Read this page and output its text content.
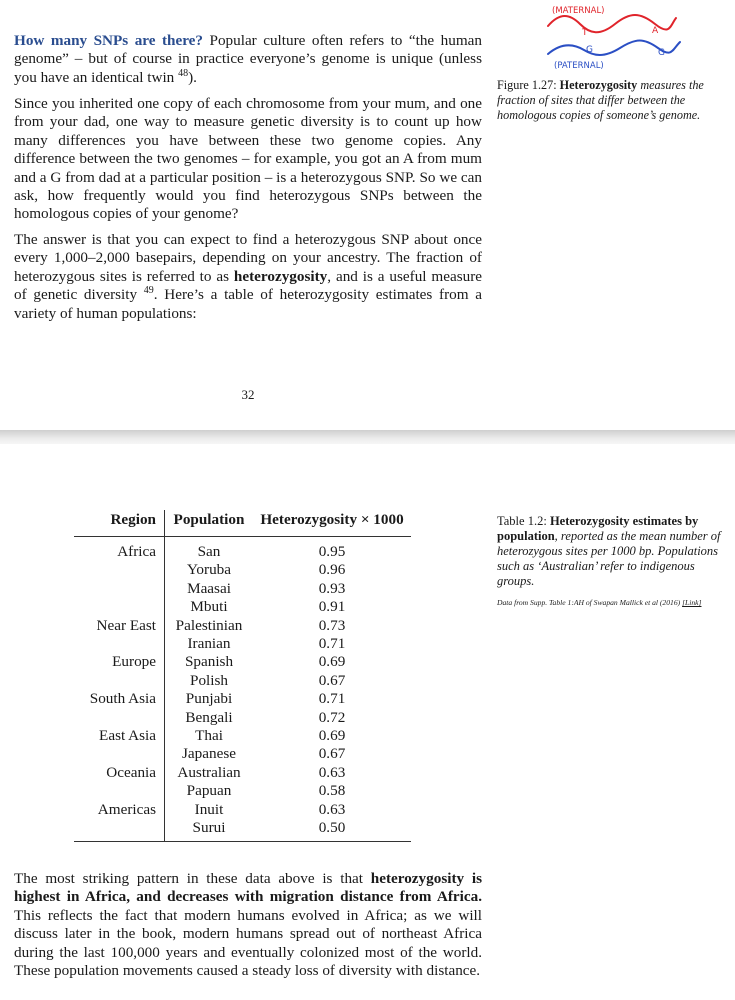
How many SNPs are there? Popular culture often refers to “the human genome” – but of course in practice everyone’s genome is unique (unless you have an identical twin $^{48}$).

Since you inherited one copy of each chromosome from your mum, and one from your dad, one way to measure genetic diversity is to count up how many differences you have between these two genome copies. Any difference between the two genomes – for example, you got an A from mum and a G from dad at a particular position – is a heterozygous SNP. So we can ask, how frequently would you find heterozygous SNPs between the homologous copies of your genome?

The answer is that you can expect to find a heterozygous SNP about once every 1,000–2,000 basepairs, depending on your ancestry. The fraction of heterozygous sites is referred to as heterozygosity, and is a useful measure of genetic diversity $^{49}$. Here’s a table of heterozygosity estimates from a variety of human populations:

32
(MATERNAL)
T	A
G	G
(PATERNAL)

Figure 1.27: Heterozygosity measures the fraction of sites that differ between the homologous copies of someone’s genome.

Region	Population	Heterozygosity × 1000
Africa	San	0.95
	Yoruba	0.96
	Maasai	0.93
	Mbuti	0.91
Near East	Palestinian	0.73
	Iranian	0.71
Europe	Spanish	0.69
	Polish	0.67
South Asia	Punjabi	0.71
	Bengali	0.72
East Asia	Thai	0.69
	Japanese	0.67
Oceania	Australian	0.63
	Papuan	0.58
Americas	Inuit	0.63
	Surui	0.50

Table 1.2: Heterozygosity estimates by population, reported as the mean number of heterozygous sites per 1000 bp. Populations such as ‘Australian’ refer to indigenous groups.

Data from Supp. Table 1:AH of Swapan Mallick et al (2016) [Link]

The most striking pattern in these data above is that heterozygosity is highest in Africa, and decreases with migration distance from Africa. This reflects the fact that modern humans evolved in Africa; as we will discuss later in the book, modern humans spread out of northeast Africa during the last 100,000 years and eventually colonized most of the world. These population movements caused a steady loss of diversity with distance.
